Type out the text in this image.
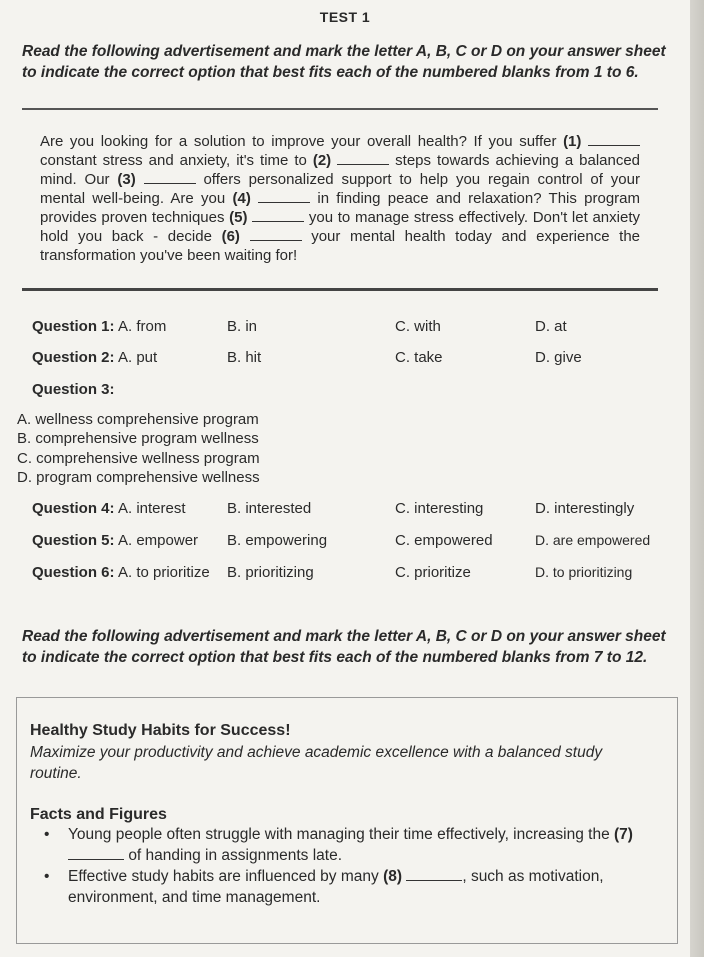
TEST 1
Read the following advertisement and mark the letter A, B, C or D on your answer sheet to indicate the correct option that best fits each of the numbered blanks from 1 to 6.
Are you looking for a solution to improve your overall health? If you suffer (1)  constant stress and anxiety, it's time to (2)	steps towards achieving a balanced mind. Our (3)	offers personalized support to help you regain control of your mental well-being. Are you (4)	in finding peace and relaxation? This program provides proven techniques (5)	you to manage stress effectively. Don't let anxiety hold you back - decide (6)	your mental health today and experience the transformation you've been waiting for!
Question 1: A. from	B. in	C. with	D. at
Question 2: A. put	B. hit	C. take	D. give
Question 3:
A. wellness comprehensive program
B. comprehensive program wellness
C. comprehensive wellness program
D. program comprehensive wellness
Question 4: A. interest	B. interested	C. interesting	D. interestingly
Question 5: A. empower B. empowering	C. empowered	D. are empowered
Question 6: A. to prioritize B. prioritizing	C. prioritize	D. to prioritizing
Read the following advertisement and mark the letter A, B, C or D on your answer sheet to indicate the correct option that best fits each of the numbered blanks from 7 to 12.
Healthy Study Habits for Success!
Maximize your productivity and achieve academic excellence with a balanced study routine.
Facts and Figures
• Young people often struggle with managing their time effectively, increasing the (7)  of handing in assignments late.
• Effective study habits are influenced by many (8)	, such as motivation, environment, and time management.
